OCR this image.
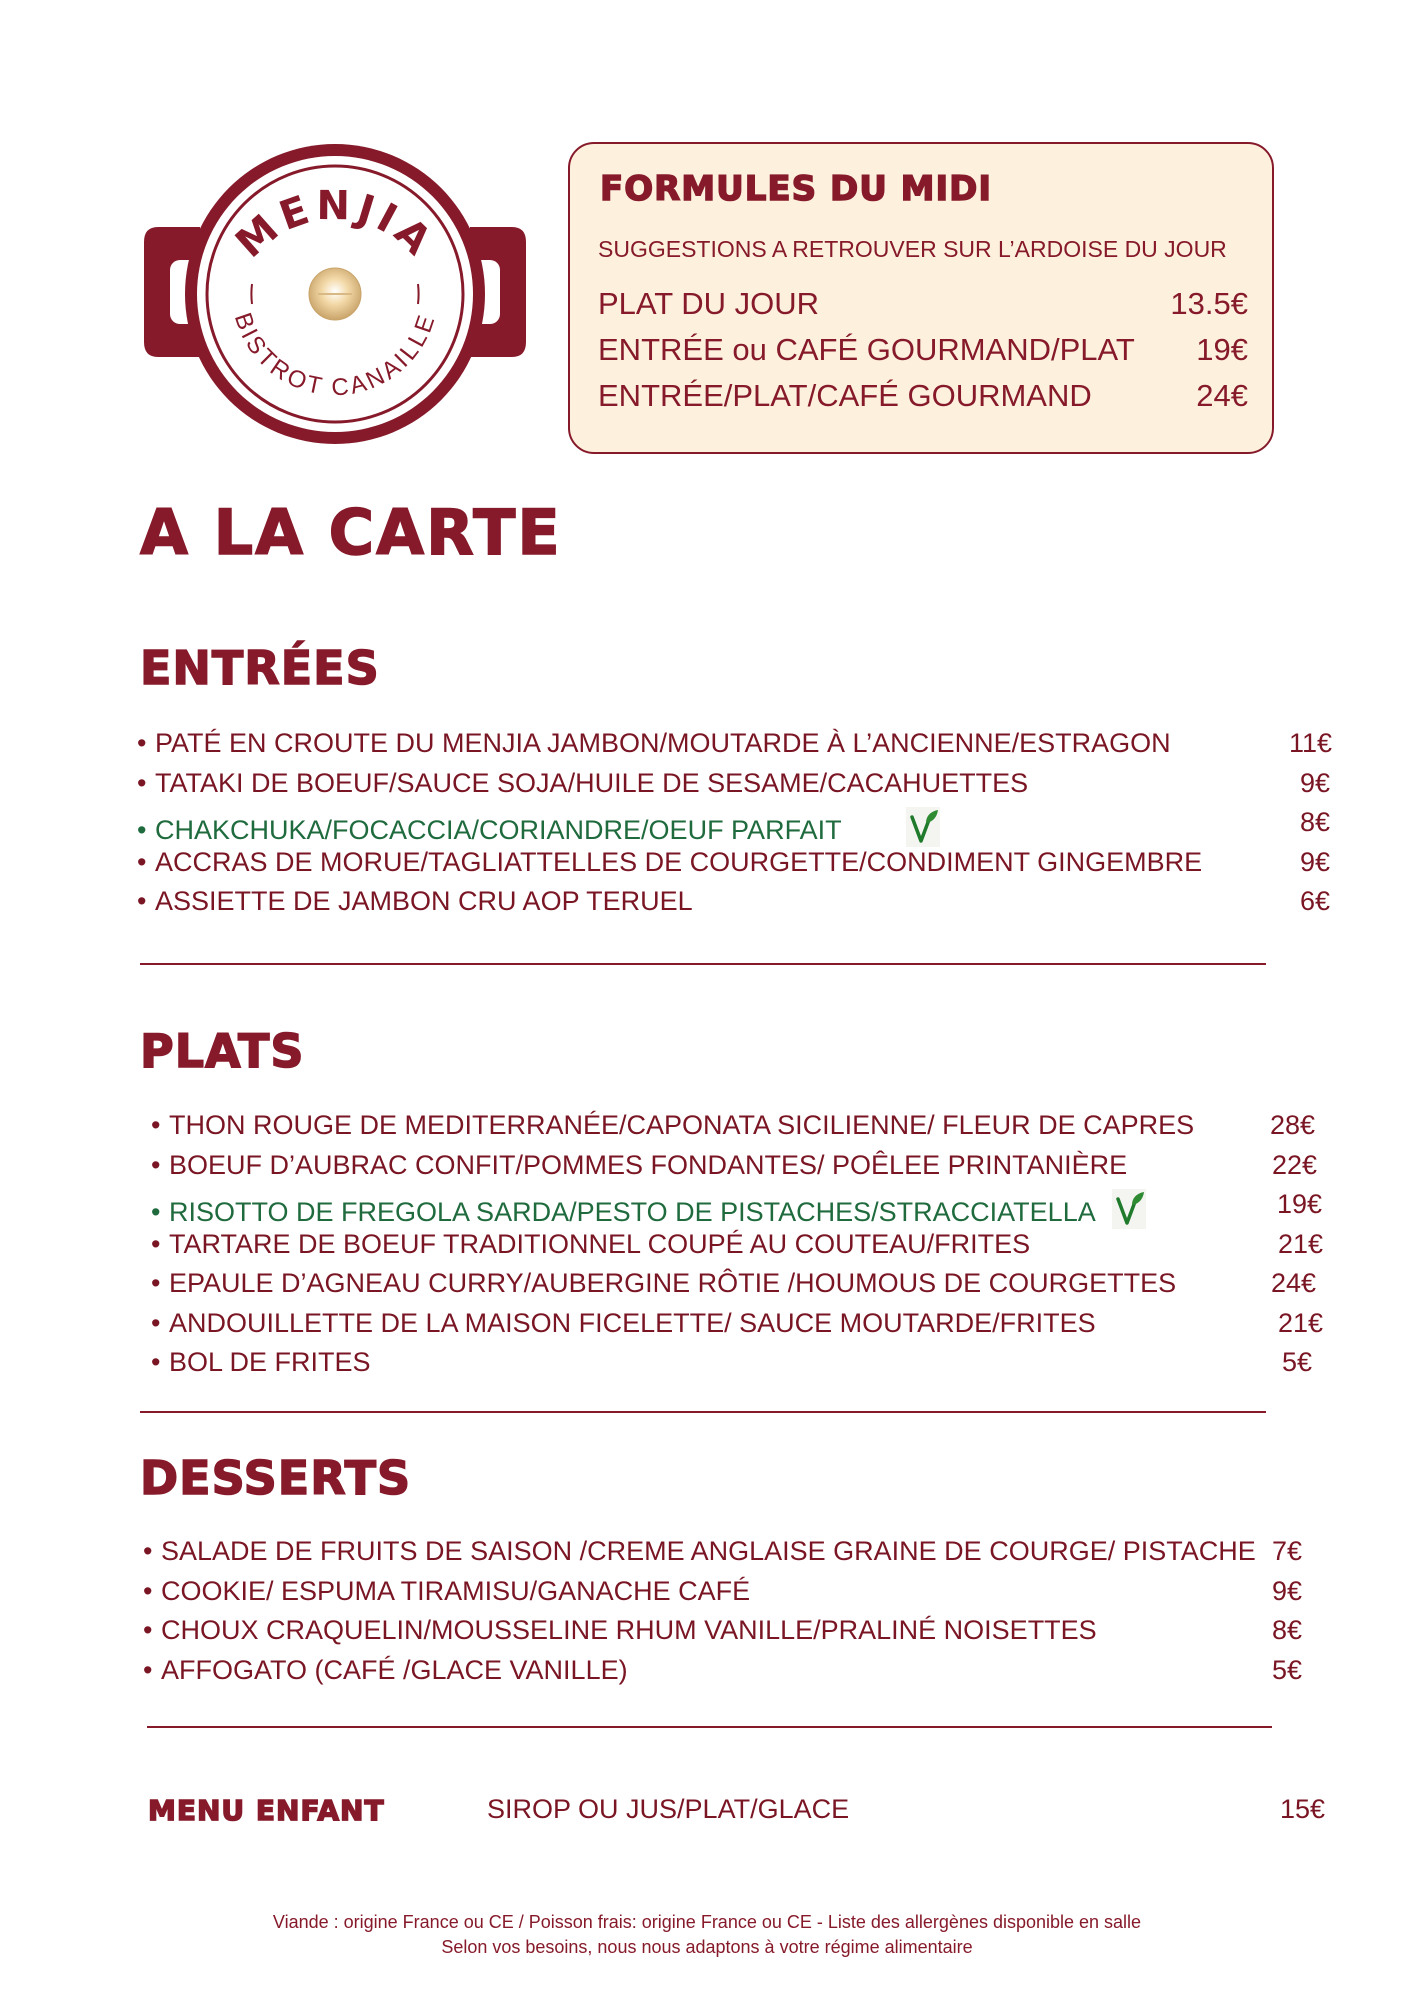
MENJIA
BISTROT CANAILLE
FORMULES DU MIDI
SUGGESTIONS A RETROUVER SUR L’ARDOISE DU JOUR
PLAT DU JOUR	13.5€
ENTRÉE ou CAFÉ GOURMAND/PLAT 19€
ENTRÉE/PLAT/CAFÉ GOURMAND	24€
A LA CARTE
ENTRÉES
• PATÉ EN CROUTE DU MENJIA JAMBON/MOUTARDE À L’ANCIENNE/ESTRAGON	11€
• TATAKI DE BOEUF/SAUCE SOJA/HUILE DE SESAME/CACAHUETTES	9€
• CHAKCHUKA/FOCACCIA/CORIANDRE/OEUF PARFAIT	8€
• ACCRAS DE MORUE/TAGLIATTELLES DE COURGETTE/CONDIMENT GINGEMBRE	9€
• ASSIETTE DE JAMBON CRU AOP TERUEL	6€
PLATS
• THON ROUGE DE MEDITERRANÉE/CAPONATA SICILIENNE/ FLEUR DE CAPRES	28€
• BOEUF D’AUBRAC CONFIT/POMMES FONDANTES/ POÊLEE PRINTANIÈRE	22€
• RISOTTO DE FREGOLA SARDA/PESTO DE PISTACHES/STRACCIATELLA	19€
• TARTARE DE BOEUF TRADITIONNEL COUPÉ AU COUTEAU/FRITES	21€
• EPAULE D’AGNEAU CURRY/AUBERGINE RÔTIE /HOUMOUS DE COURGETTES	24€
• ANDOUILLETTE DE LA MAISON FICELETTE/ SAUCE MOUTARDE/FRITES	21€
• BOL DE FRITES	5€
DESSERTS
• SALADE DE FRUITS DE SAISON /CREME ANGLAISE GRAINE DE COURGE/ PISTACHE 7€
• COOKIE/ ESPUMA TIRAMISU/GANACHE CAFÉ	9€
• CHOUX CRAQUELIN/MOUSSELINE RHUM VANILLE/PRALINÉ NOISETTES	8€
• AFFOGATO (CAFÉ /GLACE VANILLE)	5€
MENU ENFANT	SIROP OU JUS/PLAT/GLACE	15€
Viande : origine France ou CE / Poisson frais: origine France ou CE - Liste des allergènes disponible en salle
Selon vos besoins, nous nous adaptons à votre régime alimentaire
